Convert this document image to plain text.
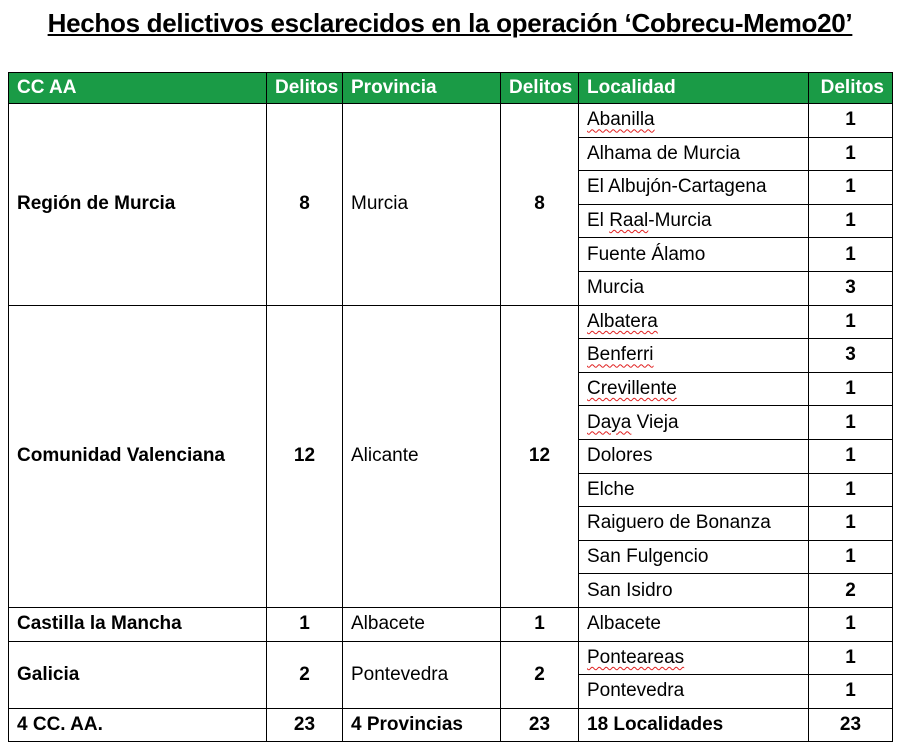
Hechos delictivos esclarecidos en la operación ‘Cobrecu-Memo20’
CC AA	Delitos	Provincia	Delitos	Localidad	Delitos
Región de Murcia	8	Murcia	8	Abanilla	1
				Alhama de Murcia	1
				El Albujón-Cartagena	1
				El Raal-Murcia	1
				Fuente Álamo	1
				Murcia	3
Comunidad Valenciana	12	Alicante	12	Albatera	1
				Benferri	3
				Crevillente	1
				Daya Vieja	1
				Dolores	1
				Elche	1
				Raiguero de Bonanza	1
				San Fulgencio	1
				San Isidro	2
Castilla la Mancha	1	Albacete	1	Albacete	1
Galicia	2	Pontevedra	2	Ponteareas	1
				Pontevedra	1
4 CC. AA.	23	4 Provincias	23	18 Localidades	23
